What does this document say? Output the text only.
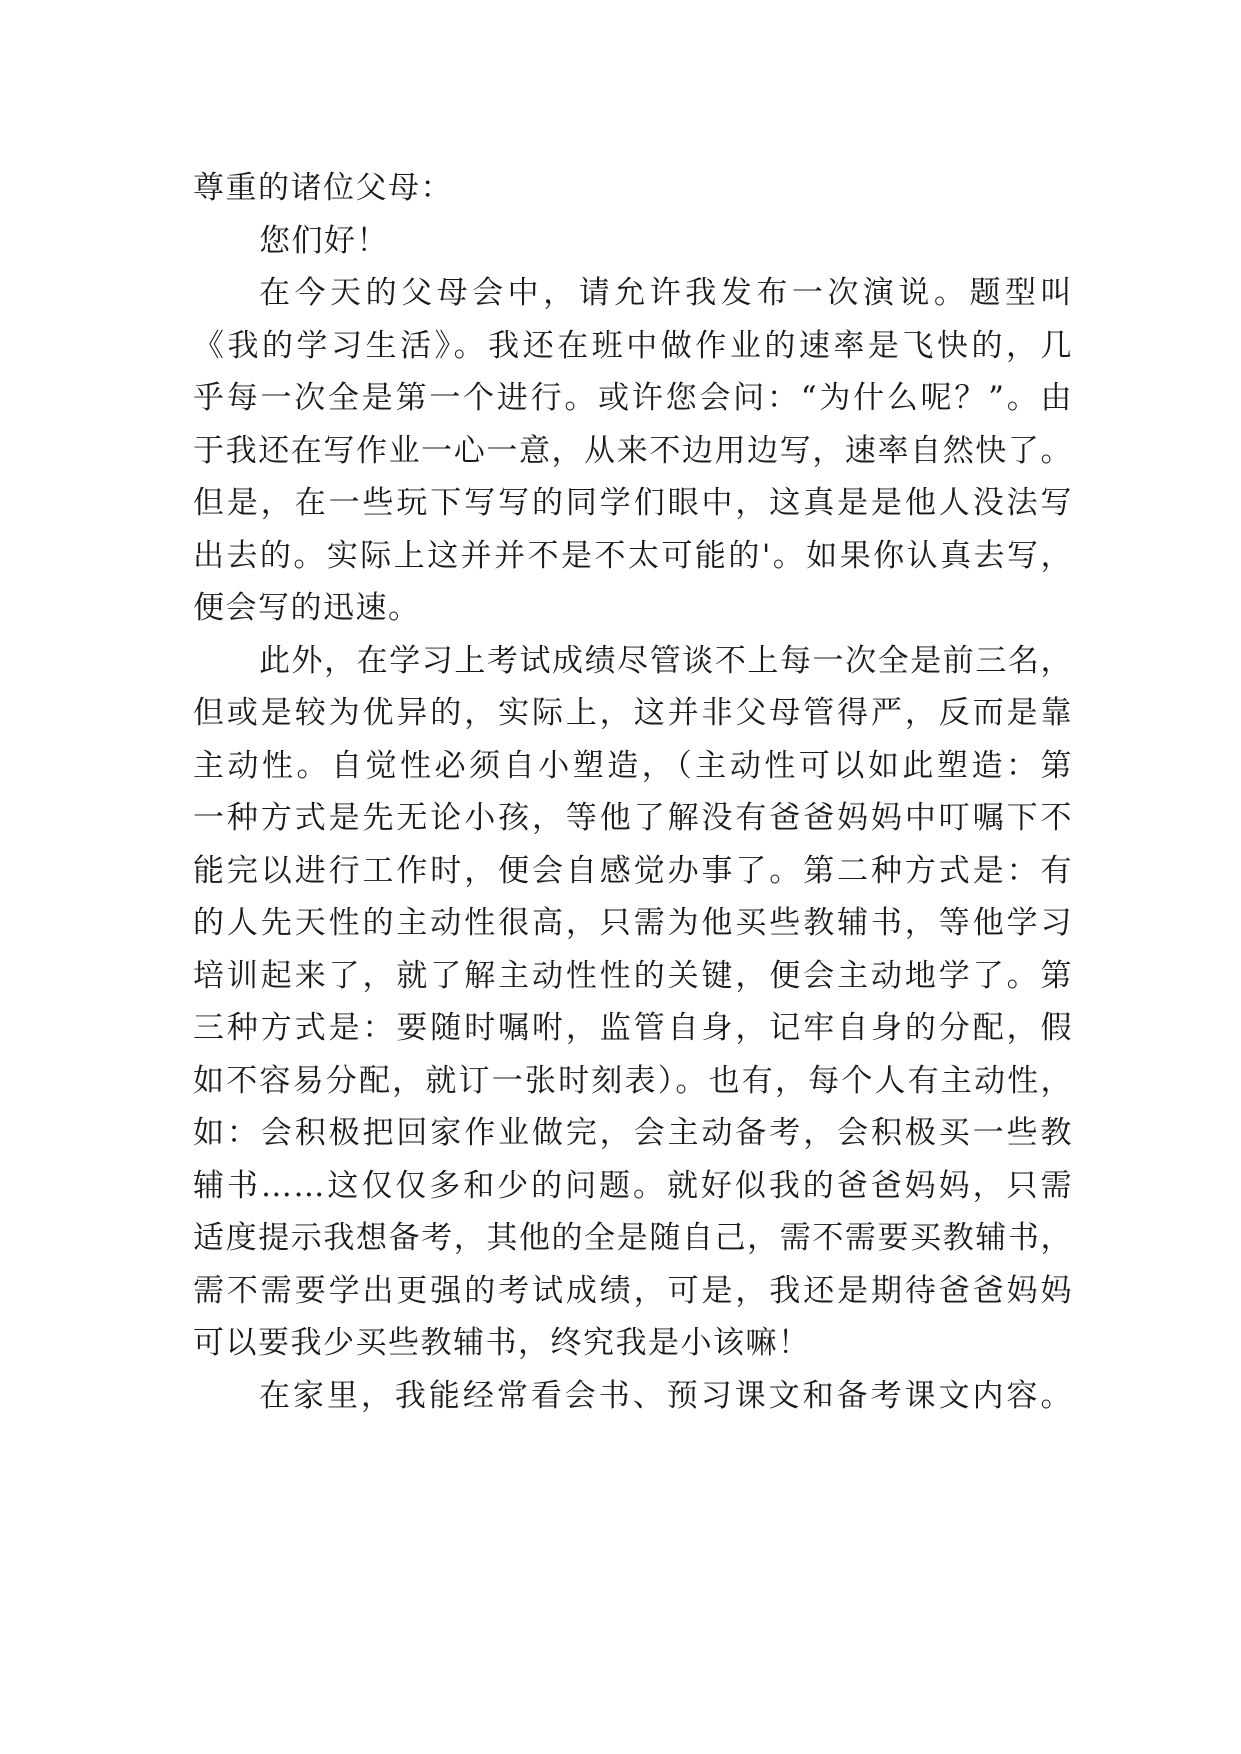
尊重的诸位父母：
您们好！
在今天的父母会中，请允许我发布一次演说。题型叫
《我的学习生活》。我还在班中做作业的速率是飞快的，几
乎每一次全是第一个进行。或许您会问：“为什么呢？”。由
于我还在写作业一心一意，从来不边用边写，速率自然快了。
但是，在一些玩下写写的同学们眼中，这真是是他人没法写
出去的。实际上这并并不是不太可能的'。如果你认真去写，
便会写的迅速。
此外，在学习上考试成绩尽管谈不上每一次全是前三名，
但或是较为优异的，实际上，这并非父母管得严，反而是靠
主动性。自觉性必须自小塑造，（主动性可以如此塑造：第
一种方式是先无论小孩，等他了解没有爸爸妈妈中叮嘱下不
能完以进行工作时，便会自感觉办事了。第二种方式是：有
的人先天性的主动性很高，只需为他买些教辅书，等他学习
培训起来了，就了解主动性性的关键，便会主动地学了。第
三种方式是：要随时嘱咐，监管自身，记牢自身的分配，假
如不容易分配，就订一张时刻表）。也有，每个人有主动性，
如：会积极把回家作业做完，会主动备考，会积极买一些教
辅书……这仅仅多和少的问题。就好似我的爸爸妈妈，只需
适度提示我想备考，其他的全是随自己，需不需要买教辅书，
需不需要学出更强的考试成绩，可是，我还是期待爸爸妈妈
可以要我少买些教辅书，终究我是小该嘛！
在家里，我能经常看会书、预习课文和备考课文内容。
